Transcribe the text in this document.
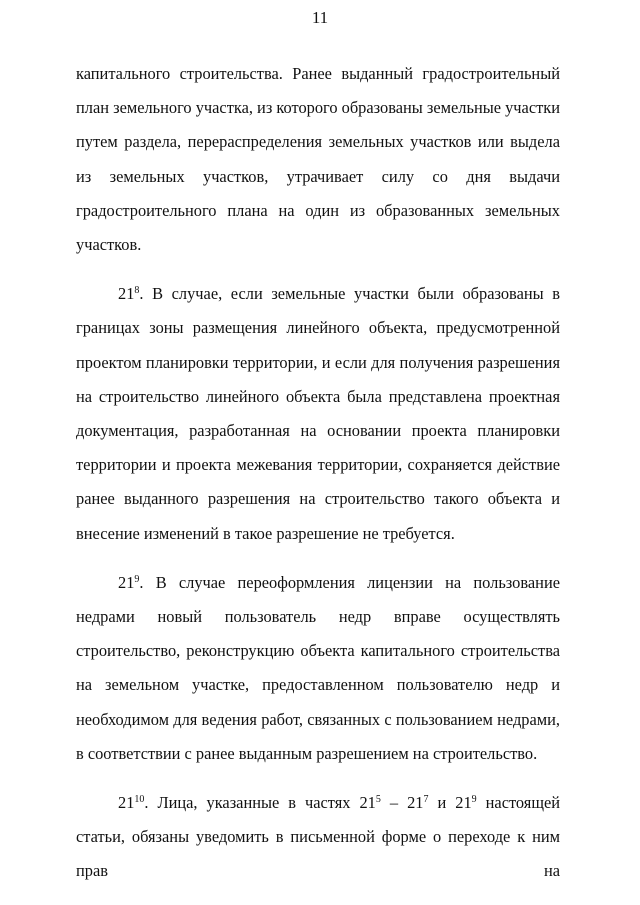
11

капитального строительства. Ранее выданный градостроительный план земельного участка, из которого образованы земельные участки путем раздела, перераспределения земельных участков или выдела из земельных участков, утрачивает силу со дня выдачи градостроительного плана на один из образованных земельных участков.

$21^8$. В случае, если земельные участки были образованы в границах зоны размещения линейного объекта, предусмотренной проектом планировки территории, и если для получения разрешения на строительство линейного объекта была представлена проектная документация, разработанная на основании проекта планировки территории и проекта межевания территории, сохраняется действие ранее выданного разрешения на строительство такого объекта и внесение изменений в такое разрешение не требуется.

$21^9$. В случае переоформления лицензии на пользование недрами новый пользователь недр вправе осуществлять строительство, реконструкцию объекта капитального строительства на земельном участке, предоставленном пользователю недр и необходимом для ведения работ, связанных с пользованием недрами, в соответствии с ранее выданным разрешением на строительство.

$21^{10}$. Лица, указанные в частях $21^5 - 21^7$ и $21^9$ настоящей статьи, обязаны уведомить в письменной форме о переходе к ним прав на
